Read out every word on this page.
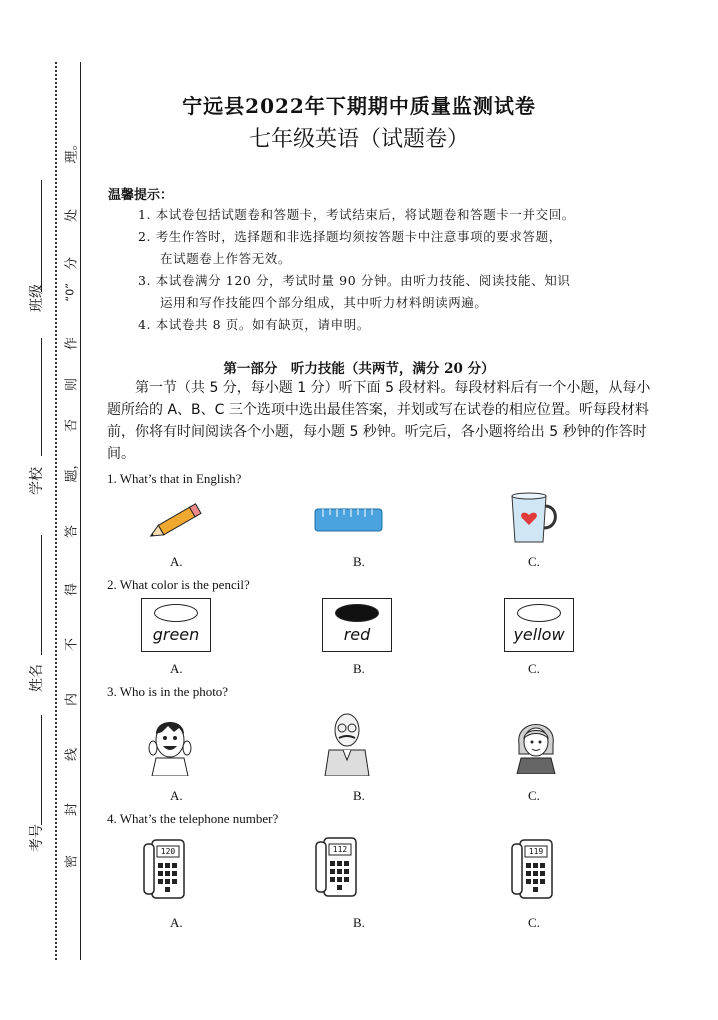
班级
学校
姓名
考号
密
封
线
内
不
得
答
题，
否
则
作
“0”
分
处
理。
宁远县2022年下期期中质量监测试卷
七年级英语（试题卷）
温馨提示：
1. 本试卷包括试题卷和答题卡，考试结束后，将试题卷和答题卡一并交回。
2. 考生作答时，选择题和非选择题均须按答题卡中注意事项的要求答题，
在试题卷上作答无效。
3. 本试卷满分 120 分，考试时量 90 分钟。由听力技能、阅读技能、知识
运用和写作技能四个部分组成，其中听力材料朗读两遍。
4. 本试卷共 8 页。如有缺页，请申明。
第一部分　听力技能（共两节，满分 20 分）
　　第一节（共 5 分，每小题 1 分）听下面 5 段材料。每段材料后有一个小题，从每小题所给的 A、B、C 三个选项中选出最佳答案，并划或写在试卷的相应位置。听每段材料前，你将有时间阅读各个小题，每小题 5 秒钟。听完后，各小题将给出 5 秒钟的作答时间。
1. What’s that in English?
A.	B.	C.
2. What color is the pencil?
green	red	yellow
A.	B.	C.
3. Who is in the photo?
A.	B.	C.
4. What’s the telephone number?
120	112	119
A.	B.	C.
